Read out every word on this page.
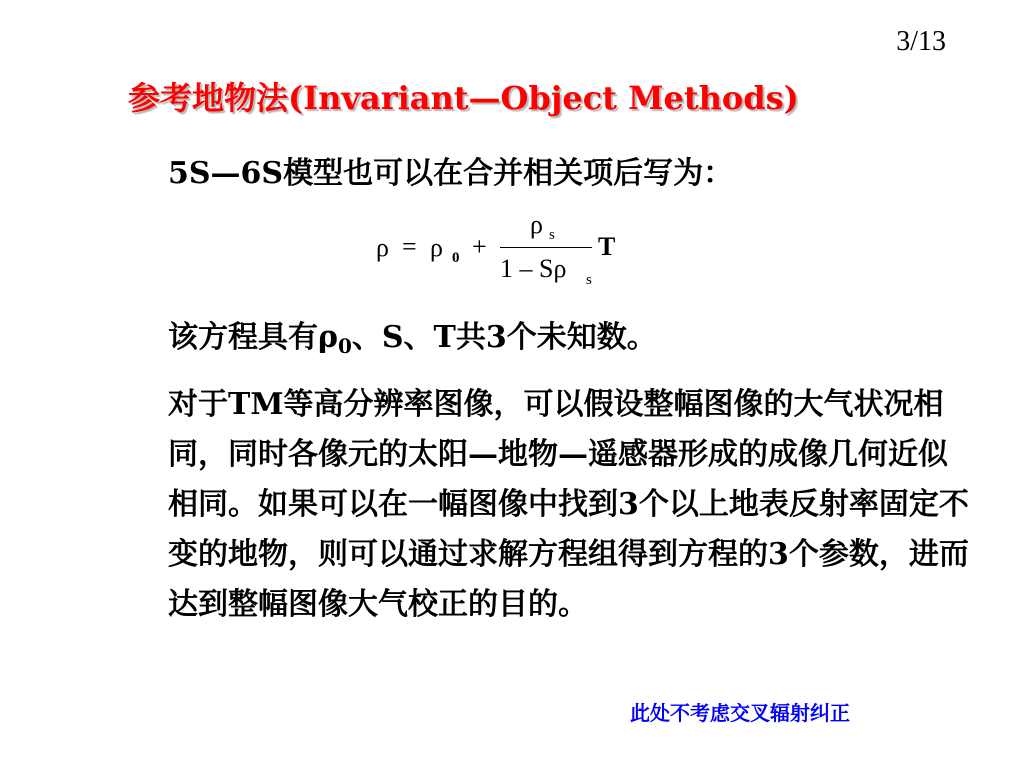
3/13
参考地物法(Invariant—Object Methods)

5S—6S模型也可以在合并相关项后写为：

ρ = ρ 0 +
ρ s
1 – Sρ s
T

该方程具有$\rho_0$、S、T共3个未知数。

对于TM等高分辨率图像，可以假设整幅图像的大气状况相同，同时各像元的太阳—地物—遥感器形成的成像几何近似相同。如果可以在一幅图像中找到3个以上地表反射率固定不变的地物，则可以通过求解方程组得到方程的3个参数，进而达到整幅图像大气校正的目的。

此处不考虑交叉辐射纠正
